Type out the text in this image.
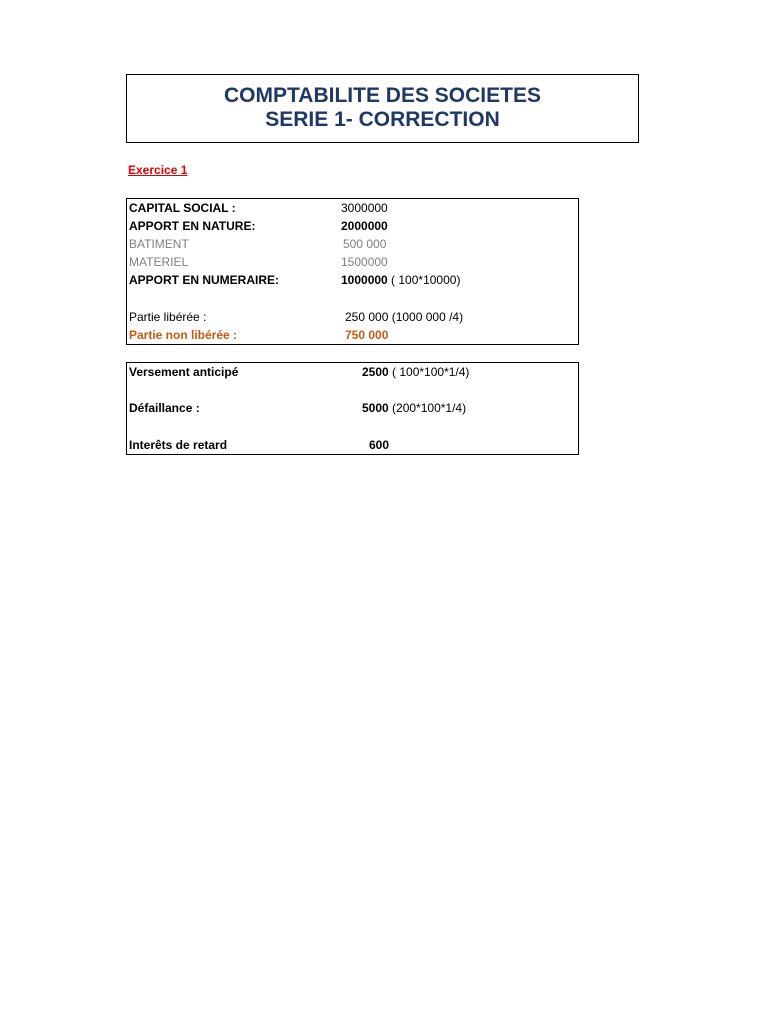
COMPTABILITE DES SOCIETES
SERIE 1- CORRECTION
Exercice 1
CAPITAL SOCIAL :	3000000
APPORT EN NATURE:	2000000
BATIMENT	500 000
MATERIEL	1500000
APPORT EN NUMERAIRE:	1000000 ( 100*10000)
Partie libérée :	250 000 (1000 000 /4)
Partie non libérée :	750 000
Versement anticipé	2500 ( 100*100*1/4)
Défaillance :	5000 (200*100*1/4)
Interêts de retard	600
